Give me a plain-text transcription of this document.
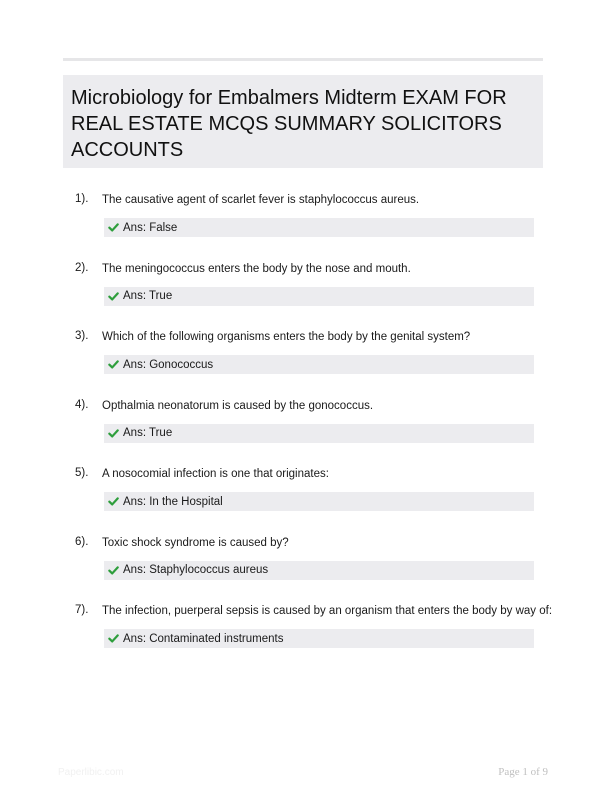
Microbiology for Embalmers Midterm EXAM FOR REAL ESTATE MCQS SUMMARY SOLICITORS ACCOUNTS
1). The causative agent of scarlet fever is staphylococcus aureus.
Ans: False
2). The meningococcus enters the body by the nose and mouth.
Ans: True
3). Which of the following organisms enters the body by the genital system?
Ans: Gonococcus
4). Opthalmia neonatorum is caused by the gonococcus.
Ans: True
5). A nosocomial infection is one that originates:
Ans: In the Hospital
6). Toxic shock syndrome is caused by?
Ans: Staphylococcus aureus
7). The infection, puerperal sepsis is caused by an organism that enters the body by way of:
Ans: Contaminated instruments
Paperlibic.com	Page 1 of 9
